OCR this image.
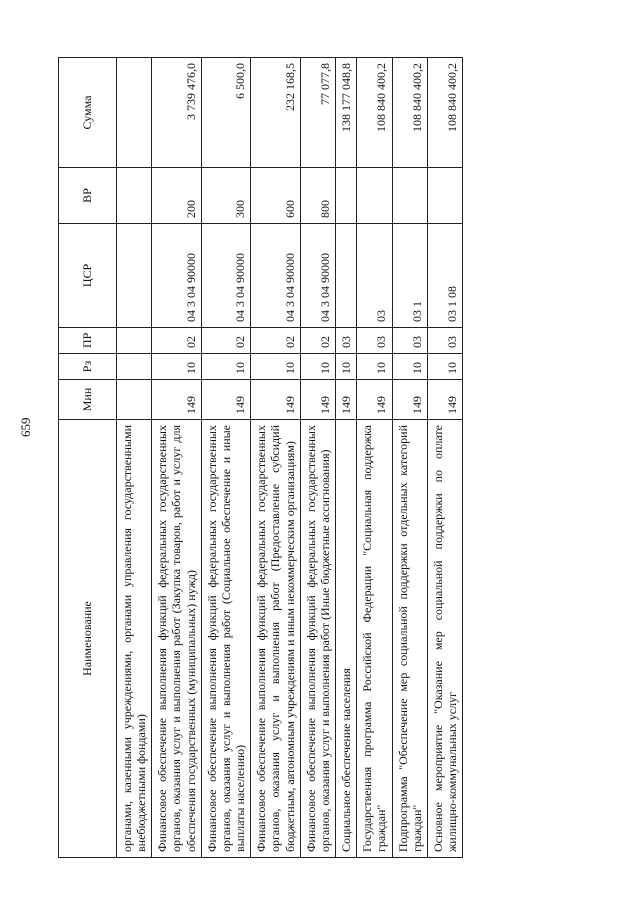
659
Наименование	Мин	Рз	ПР	ЦСР	ВР	Сумма
органами, казенными учреждениями, органами управления государственными внебюджетными фондами)						
Финансовое обеспечение выполнения функций федеральных государственных органов, оказания услуг и выполнения работ (Закупка товаров, работ и услуг для обеспечения государственных (муниципальных) нужд)	149	10	02	04 3 04 90000	200	3 739 476,0
Финансовое обеспечение выполнения функций федеральных государственных органов, оказания услуг и выполнения работ (Социальное обеспечение и иные выплаты населению)	149	10	02	04 3 04 90000	300	6 500,0
Финансовое обеспечение выполнения функций федеральных государственных органов, оказания услуг и выполнения работ (Предоставление субсидий бюджетным, автономным учреждениям и иным некоммерческим организациям)	149	10	02	04 3 04 90000	600	232 168,5
Финансовое обеспечение выполнения функций федеральных государственных органов, оказания услуг и выполнения работ (Иные бюджетные ассигнования)	149	10	02	04 3 04 90000	800	77 077,8
Социальное обеспечение населения	149	10	03			138 177 048,8
Государственная программа Российской Федерации "Социальная поддержка граждан"	149	10	03	03		108 840 400,2
Подпрограмма "Обеспечение мер социальной поддержки отдельных категорий граждан"	149	10	03	03 1		108 840 400,2
Основное мероприятие "Оказание мер социальной поддержки по оплате жилищно-коммунальных услуг	149	10	03	03 1 08		108 840 400,2
